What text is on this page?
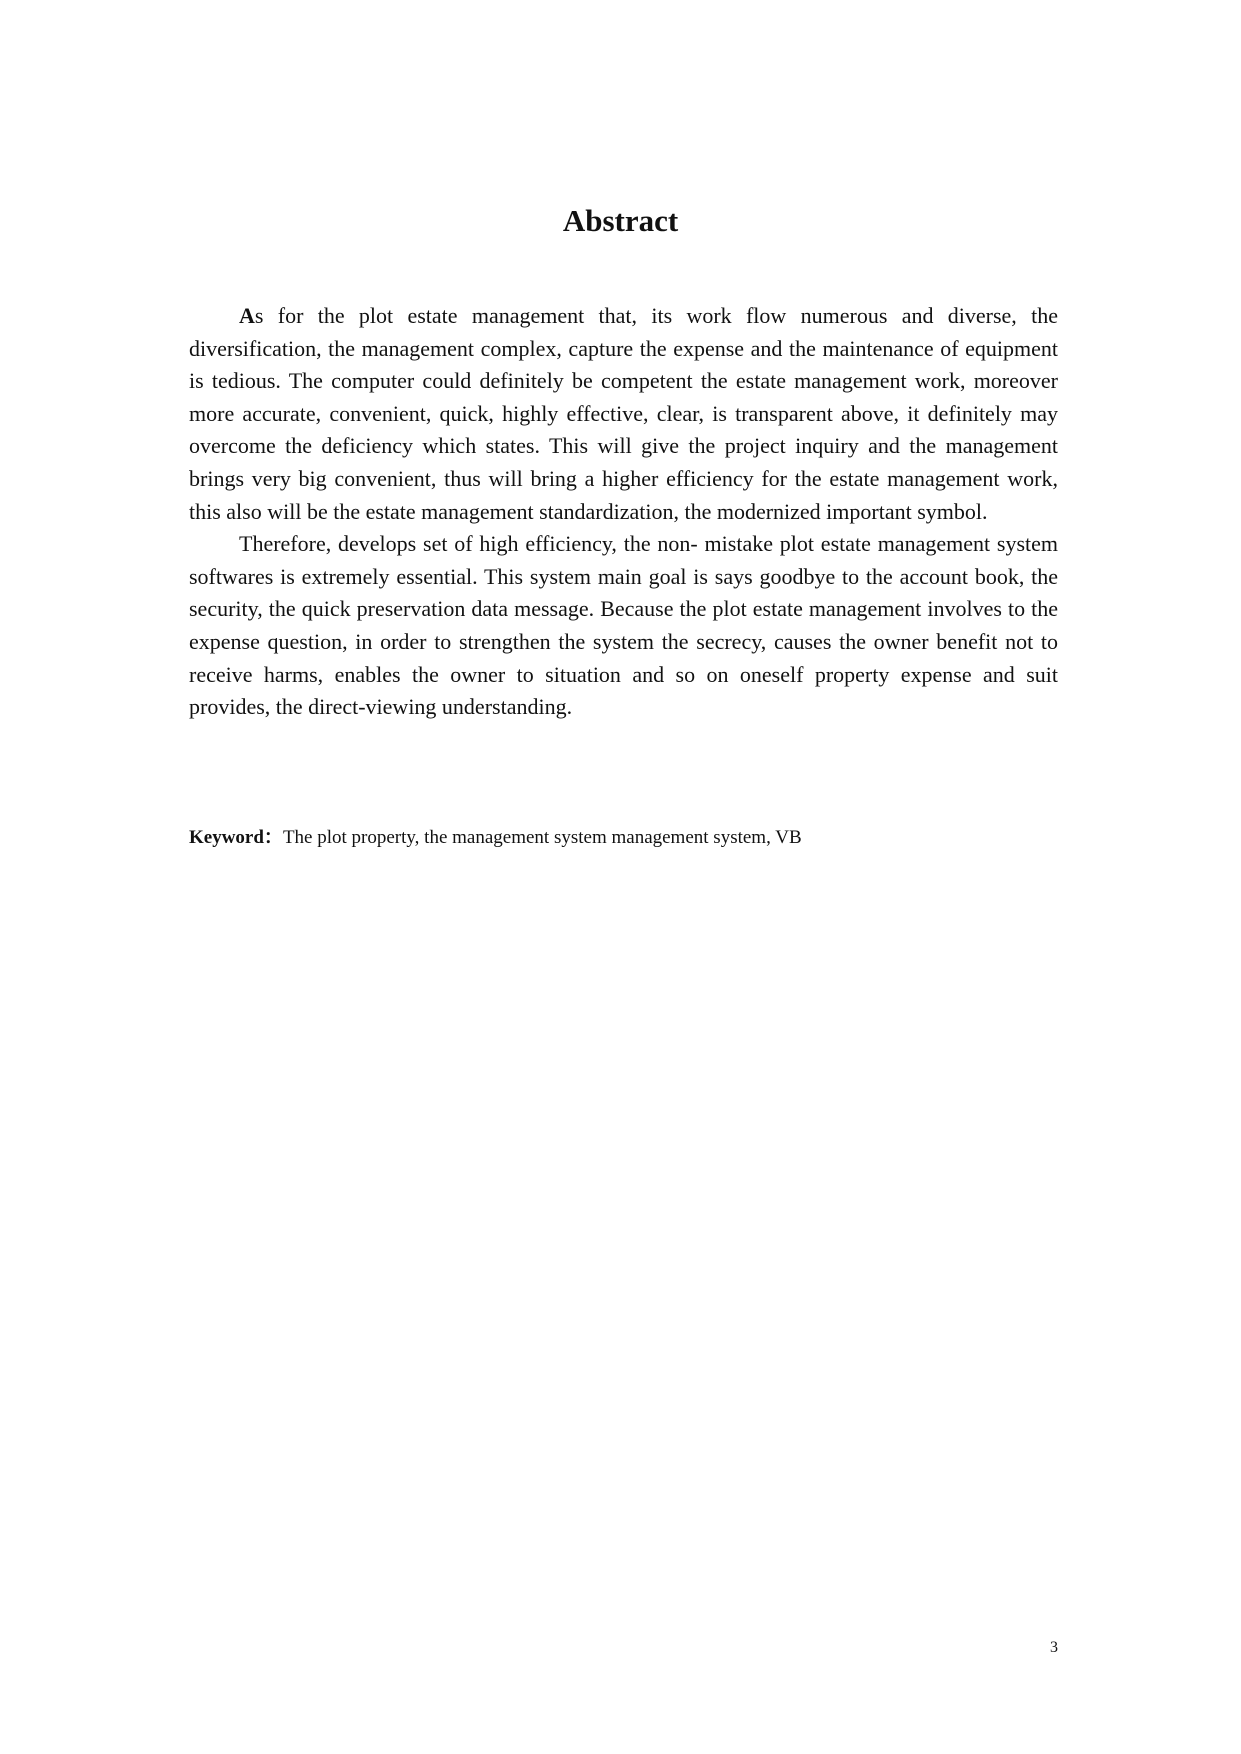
Abstract

As for the plot estate management that, its work flow numerous and diverse, the diversification, the management complex, capture the expense and the maintenance of equipment is tedious. The computer could definitely be competent the estate management work, moreover more accurate, convenient, quick, highly effective, clear, is transparent above, it definitely may overcome the deficiency which states. This will give the project inquiry and the management brings very big convenient, thus will bring a higher efficiency for the estate management work, this also will be the estate management standardization, the modernized important symbol.

Therefore, develops set of high efficiency, the non- mistake plot estate management system softwares is extremely essential. This system main goal is says goodbye to the account book, the security, the quick preservation data message. Because the plot estate management involves to the expense question, in order to strengthen the system the secrecy, causes the owner benefit not to receive harms, enables the owner to situation and so on oneself property expense and suit provides, the direct-viewing understanding.

Keyword：The plot property, the management system management system, VB

3
